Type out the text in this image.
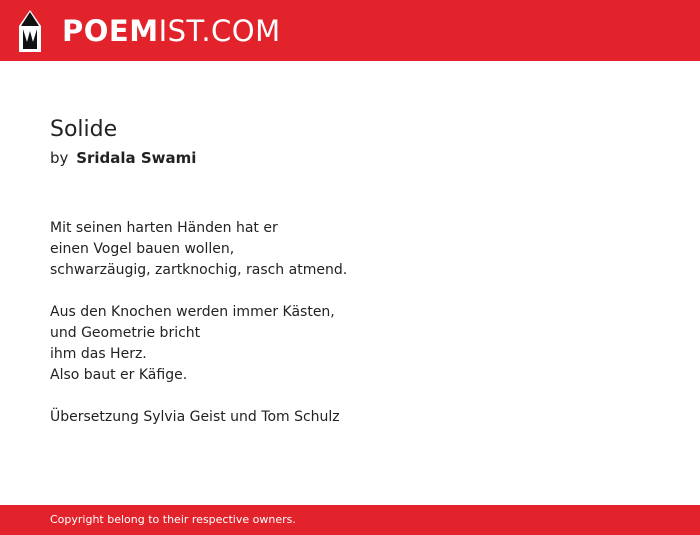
POEMIST.COM
Solide
by Sridala Swami
Mit seinen harten Händen hat er
einen Vogel bauen wollen,
schwarzäugig, zartknochig, rasch atmend.

Aus den Knochen werden immer Kästen,
und Geometrie bricht
ihm das Herz.
Also baut er Käfige.

Übersetzung Sylvia Geist und Tom Schulz
Copyright belong to their respective owners.
